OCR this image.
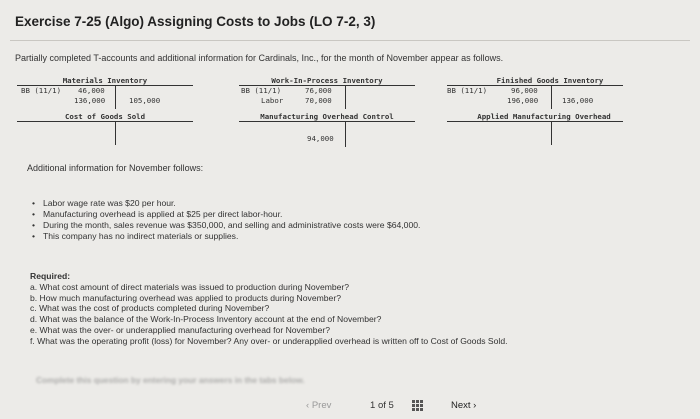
Exercise 7-25 (Algo) Assigning Costs to Jobs (LO 7-2, 3)
Partially completed T-accounts and additional information for Cardinals, Inc., for the month of November appear as follows.
Materials Inventory
BB (11/1) 46,000
136,000	105,000
Work-In-Process Inventory
BB (11/1)	76,000
Labor	70,000
Finished Goods Inventory
BB (11/1)	96,000
196,000	136,000
Cost of Goods Sold	Manufacturing Overhead Control
94,000
Applied Manufacturing Overhead
Additional information for November follows:
• Labor wage rate was $20 per hour.
• Manufacturing overhead is applied at $25 per direct labor-hour.
• During the month, sales revenue was $350,000, and selling and administrative costs were $64,000.
• This company has no indirect materials or supplies.
Required:
a. What cost amount of direct materials was issued to production during November?
b. How much manufacturing overhead was applied to products during November?
c. What was the cost of products completed during November?
d. What was the balance of the Work-In-Process Inventory account at the end of November?
e. What was the over- or underapplied manufacturing overhead for November?
f. What was the operating profit (loss) for November? Any over- or underapplied overhead is written off to Cost of Goods Sold.
Complete this question by entering your answers in the tabs below.
‹ Prev	1 of 5	Next ›
